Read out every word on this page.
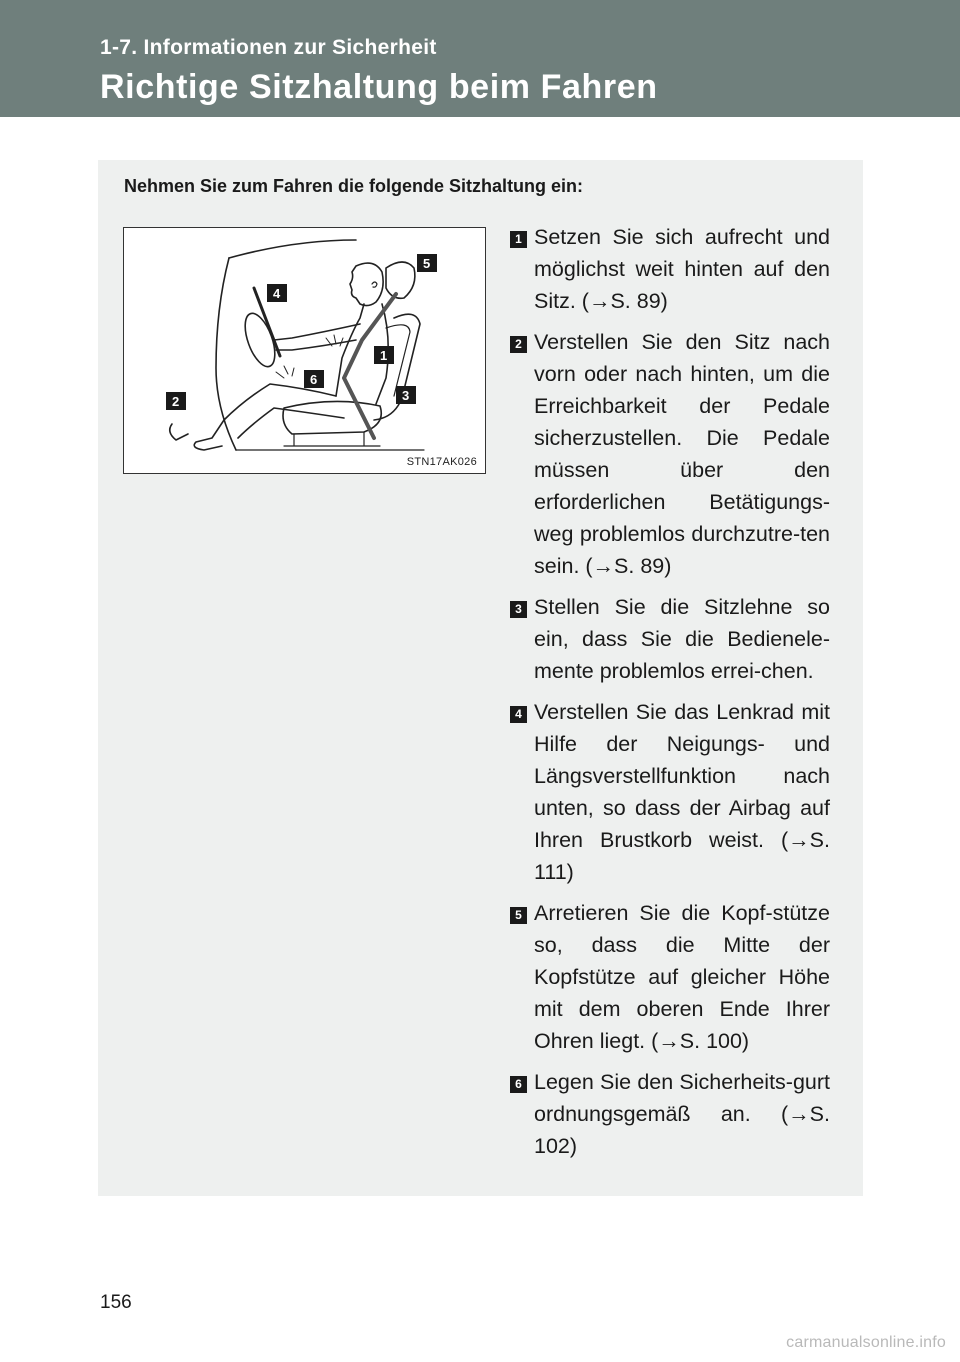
1-7. Informationen zur Sicherheit
Richtige Sitzhaltung beim Fahren
Nehmen Sie zum Fahren die folgende Sitzhaltung ein:
5
4
1
6
3
2
STN17AK026
1 Setzen Sie sich aufrecht und möglichst weit hinten auf den Sitz. (→S. 89)
2 Verstellen Sie den Sitz nach vorn oder nach hinten, um die Erreichbarkeit der Pedale sicherzustellen. Die Pedale müssen über den erforderlichen Betätigungs-weg problemlos durchzutre-ten sein. (→S. 89)
3 Stellen Sie die Sitzlehne so ein, dass Sie die Bedienele-mente problemlos errei-chen.
4 Verstellen Sie das Lenkrad mit Hilfe der Neigungs- und Längsverstellfunktion nach unten, so dass der Airbag auf Ihren Brustkorb weist. (→S. 111)
5 Arretieren Sie die Kopf-stütze so, dass die Mitte der Kopfstütze auf gleicher Höhe mit dem oberen Ende Ihrer Ohren liegt. (→S. 100)
6 Legen Sie den Sicherheits-gurt ordnungsgemäß an. (→S. 102)
156
carmanualsonline.info
